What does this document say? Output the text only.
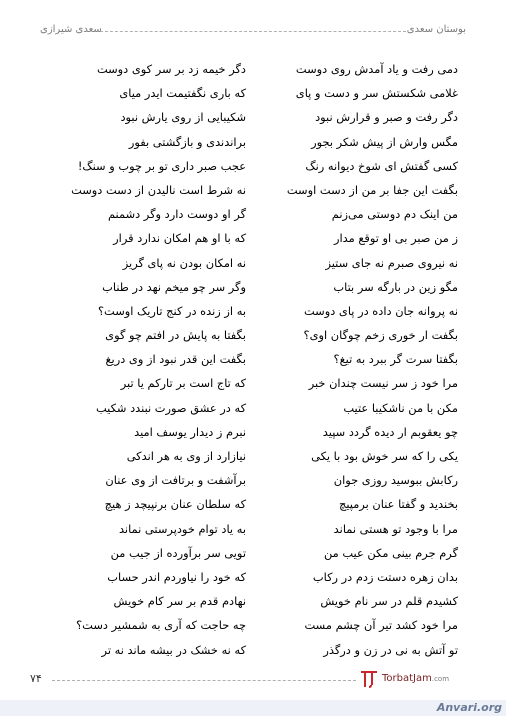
سعدی شیرازی	بوستان سعدی
دمی رفت و یاد آمدش روی دوست
دگر خیمه زد بر سر کوی دوست
غلامی شکستش سر و دست و پای
که باری نگفتیمت ایدر میای
دگر رفت و صبر و قرارش نبود
شکیبایی از روی یارش نبود
مگس وارش از پیش شکر بجور
براندندی و بازگشتی بفور
کسی گفتش ای شوخ دیوانه رنگ
عجب صبر داری تو بر چوب و سنگ!
بگفت این جفا بر من از دست اوست
نه شرط است نالیدن از دست دوست
من اینک دم دوستی می‌زنم
گر او دوست دارد وگر دشمنم
ز من صبر بی او توقع مدار
که با او هم امکان ندارد قرار
نه نیروی صبرم نه جای ستیز
نه امکان بودن نه پای گریز
مگو زین در بارگه سر بتاب
وگر سر چو میخم نهد در طناب
نه پروانه جان داده در پای دوست
به از زنده در کنج تاریک اوست؟
بگفت ار خوری زخم چوگان اوی؟
بگفتا به پایش در افتم چو گوی
بگفتا سرت گر ببرد به تیغ؟
بگفت این قدر نبود از وی دریغ
مرا خود ز سر نیست چندان خبر
که تاج است بر تارکم یا تبر
مکن با من ناشکیبا عتیب
که در عشق صورت نبندد شکیب
چو یعقوبم ار دیده گردد سپید
نبرم ز دیدار یوسف امید
یکی را که سر خوش بود با یکی
نیازارد از وی به هر اندکی
رکابش ببوسید روزی جوان
برآشفت و برتافت از وی عنان
بخندید و گفتا عنان برمپیچ
که سلطان عنان برنپیچد ز هیچ
مرا با وجود تو هستی نماند
به یاد توام خودپرستی نماند
گرم جرم بینی مکن عیب من
تویی سر برآورده از جیب من
بدان زهره دستت زدم در رکاب
که خود را نیاوردم اندر حساب
کشیدم قلم در سر نام خویش
نهادم قدم بر سر کام خویش
مرا خود کشد تیر آن چشم مست
چه حاجت که آری به شمشیر دست؟
تو آتش به نی در زن و درگذر
که نه خشک در بیشه ماند نه تر
۷۴	TorbatJam.com
Anvari.org
